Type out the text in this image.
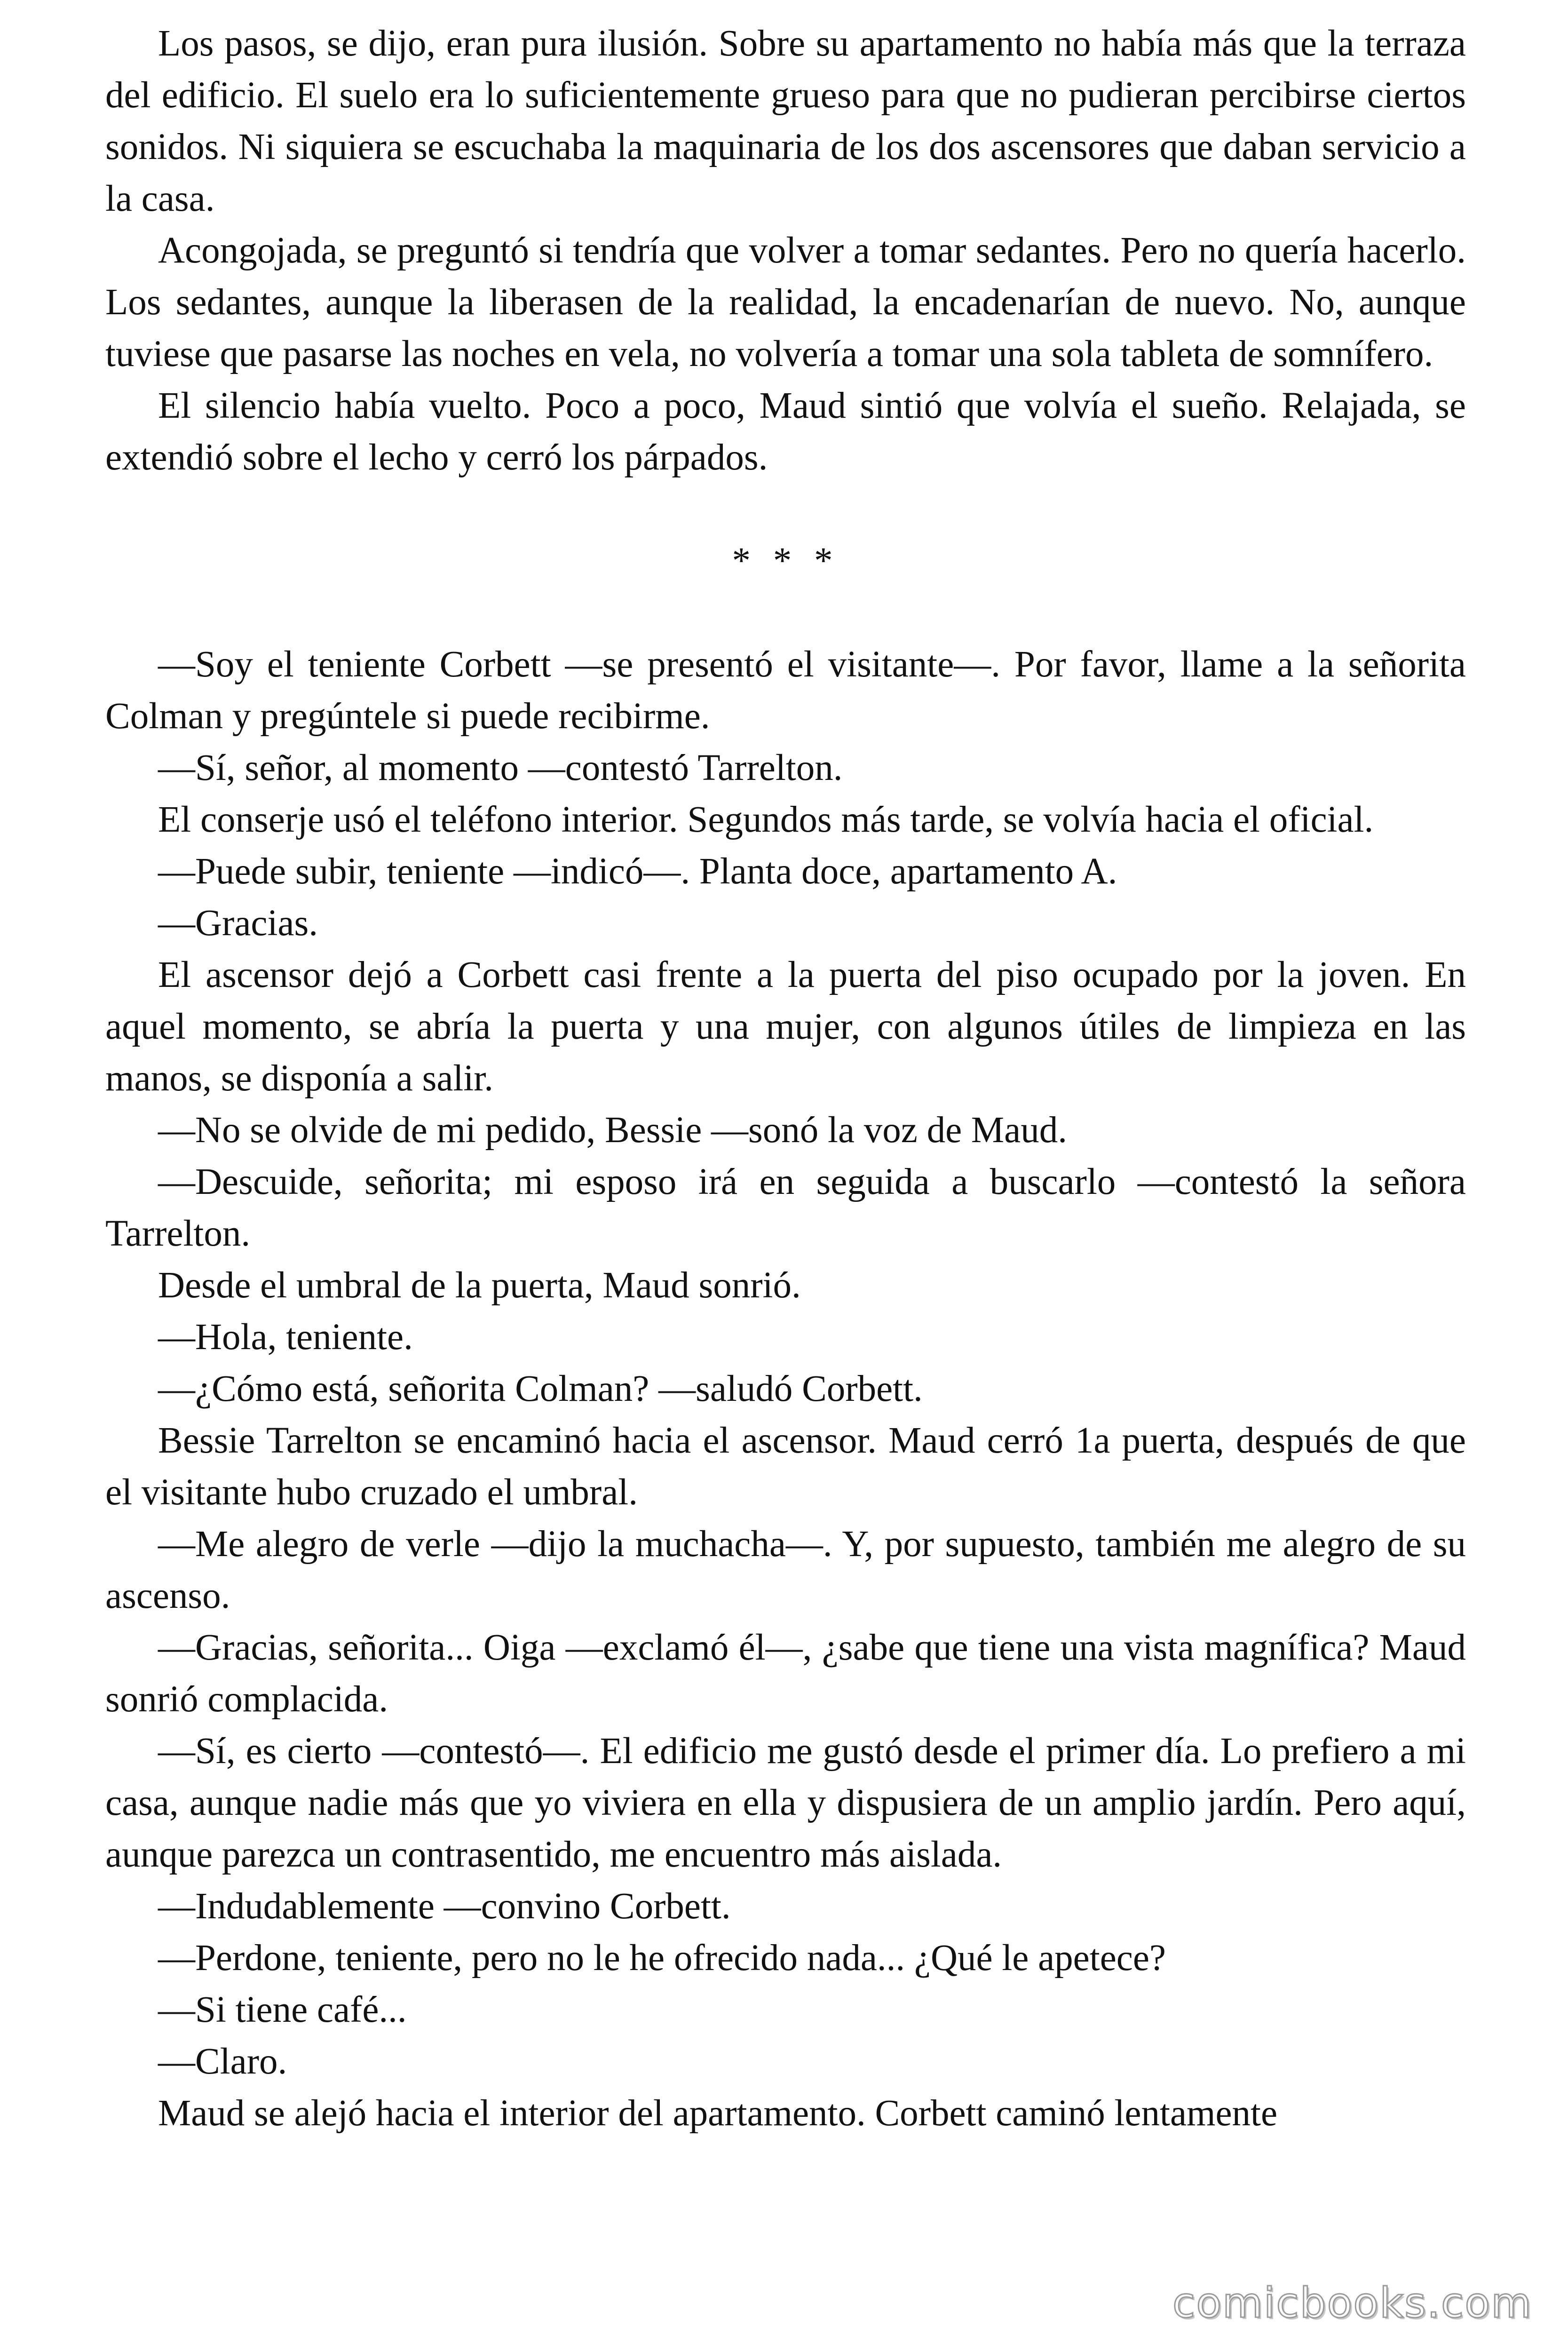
Los pasos, se dijo, eran pura ilusión. Sobre su apartamento no había más que la terraza del edificio. El suelo era lo suficientemente grueso para que no pudieran percibirse ciertos sonidos. Ni siquiera se escuchaba la maquinaria de los dos ascensores que daban servicio a la casa.

Acongojada, se preguntó si tendría que volver a tomar sedantes. Pero no quería hacerlo. Los sedantes, aunque la liberasen de la realidad, la encadenarían de nuevo. No, aunque tuviese que pasarse las noches en vela, no volvería a tomar una sola tableta de somnífero.

El silencio había vuelto. Poco a poco, Maud sintió que volvía el sueño. Relajada, se extendió sobre el lecho y cerró los párpados.

* * *

—Soy el teniente Corbett —se presentó el visitante—. Por favor, llame a la señorita Colman y pregúntele si puede recibirme.

—Sí, señor, al momento —contestó Tarrelton.

El conserje usó el teléfono interior. Segundos más tarde, se volvía hacia el oficial.

—Puede subir, teniente —indicó—. Planta doce, apartamento A.

—Gracias.

El ascensor dejó a Corbett casi frente a la puerta del piso ocupado por la joven. En aquel momento, se abría la puerta y una mujer, con algunos útiles de limpieza en las manos, se disponía a salir.

—No se olvide de mi pedido, Bessie —sonó la voz de Maud.

—Descuide, señorita; mi esposo irá en seguida a buscarlo —contestó la señora Tarrelton.

Desde el umbral de la puerta, Maud sonrió.

—Hola, teniente.

—¿Cómo está, señorita Colman? —saludó Corbett.

Bessie Tarrelton se encaminó hacia el ascensor. Maud cerró 1a puerta, después de que el visitante hubo cruzado el umbral.

—Me alegro de verle —dijo la muchacha—. Y, por supuesto, también me alegro de su ascenso.

—Gracias, señorita... Oiga —exclamó él—, ¿sabe que tiene una vista magnífica? Maud sonrió complacida.

—Sí, es cierto —contestó—. El edificio me gustó desde el primer día. Lo prefiero a mi casa, aunque nadie más que yo viviera en ella y dispusiera de un amplio jardín. Pero aquí, aunque parezca un contrasentido, me encuentro más aislada.

—Indudablemente —convino Corbett.

—Perdone, teniente, pero no le he ofrecido nada... ¿Qué le apetece?

—Si tiene café...

—Claro.

Maud se alejó hacia el interior del apartamento. Corbett caminó lentamente

comicbooks.com
